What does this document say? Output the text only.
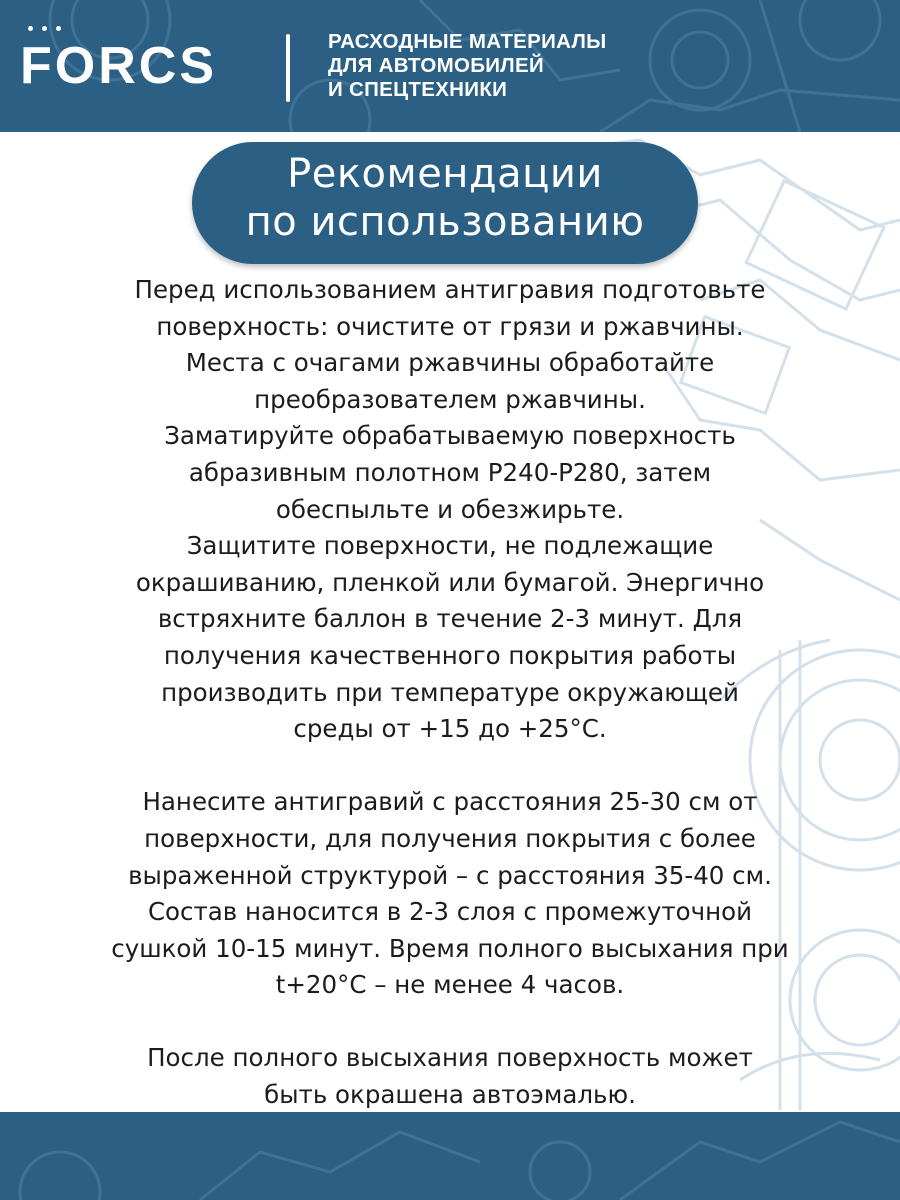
FORCS	РАСХОДНЫЕ МАТЕРИАЛЫ
ДЛЯ АВТОМОБИЛЕЙ
И СПЕЦТЕХНИКИ
Рекомендации
по использованию
Перед использованием антигравия подготовьте
поверхность: очистите от грязи и ржавчины.
Места с очагами ржавчины обработайте
преобразователем ржавчины.
Заматируйте обрабатываемую поверхность
абразивным полотном P240-P280, затем
обеспыльте и обезжирьте.
Защитите поверхности, не подлежащие
окрашиванию, пленкой или бумагой. Энергично
встряхните баллон в течение 2-3 минут. Для
получения качественного покрытия работы
производить при температуре окружающей
среды от +15 до +25°C.
Нанесите антигравий с расстояния 25-30 см от
поверхности, для получения покрытия с более
выраженной структурой – с расстояния 35-40 см.
Состав наносится в 2-3 слоя с промежуточной
сушкой 10-15 минут. Время полного высыхания при
t+20°C – не менее 4 часов.
После полного высыхания поверхность может
быть окрашена автоэмалью.
